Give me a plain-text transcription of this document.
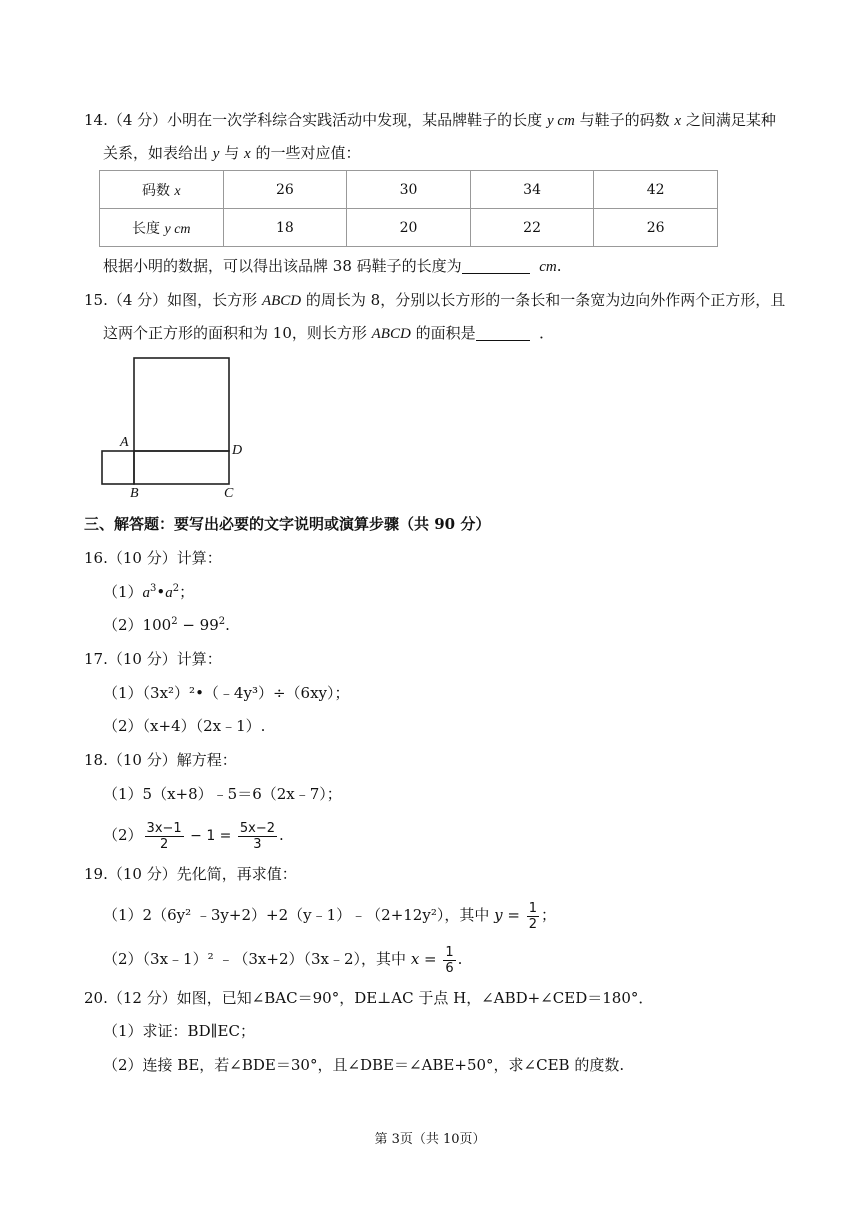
14.（4 分）小明在一次学科综合实践活动中发现，某品牌鞋子的长度 y cm 与鞋子的码数 x 之间满足某种
关系，如表给出 y 与 x 的一些对应值：
码数 x	26	30	34	42
长度 y cm	18	20	22	26
根据小明的数据，可以得出该品牌 38 码鞋子的长度为	cm.
15.（4 分）如图，长方形 ABCD 的周长为 8，分别以长方形的一条长和一条宽为边向外作两个正方形，且
这两个正方形的面积和为 10，则长方形 ABCD 的面积是	．
A
D
B	C
三、解答题：要写出必要的文字说明或演算步骤（共 90 分）
16.（10 分）计算：
$(1)a^3•a^2$；
$(2)100^2 - 99^2$.
17.（10 分）计算：
（1）（3x²）²•（﹣4y³）÷（6xy）；
（2）（x+4）（2x﹣1）.
18.（10 分）解方程：
（1）5（x+8）﹣5＝6（2x﹣7）；
$(2) \frac{3x-1}{2} - 1 = \frac{5x-2}{3}$ .
19.（10 分）先化简，再求值：
（1）2（6y² ﹣3y+2）+2（y﹣1）﹣（2+12y²），其中 $y = \frac{1}{2}$ ；
（2）（3x﹣1）² ﹣（3x+2）（3x﹣2），其中 $x = \frac{1}{6}$ .
20.（12 分）如图，已知∠BAC＝90°，DE⊥AC 于点 H，∠ABD+∠CED＝180°．
（1）求证：BD∥EC；
（2）连接 BE，若∠BDE＝30°，且∠DBE＝∠ABE+50°，求∠CEB 的度数.
第 3页（共 10页）
